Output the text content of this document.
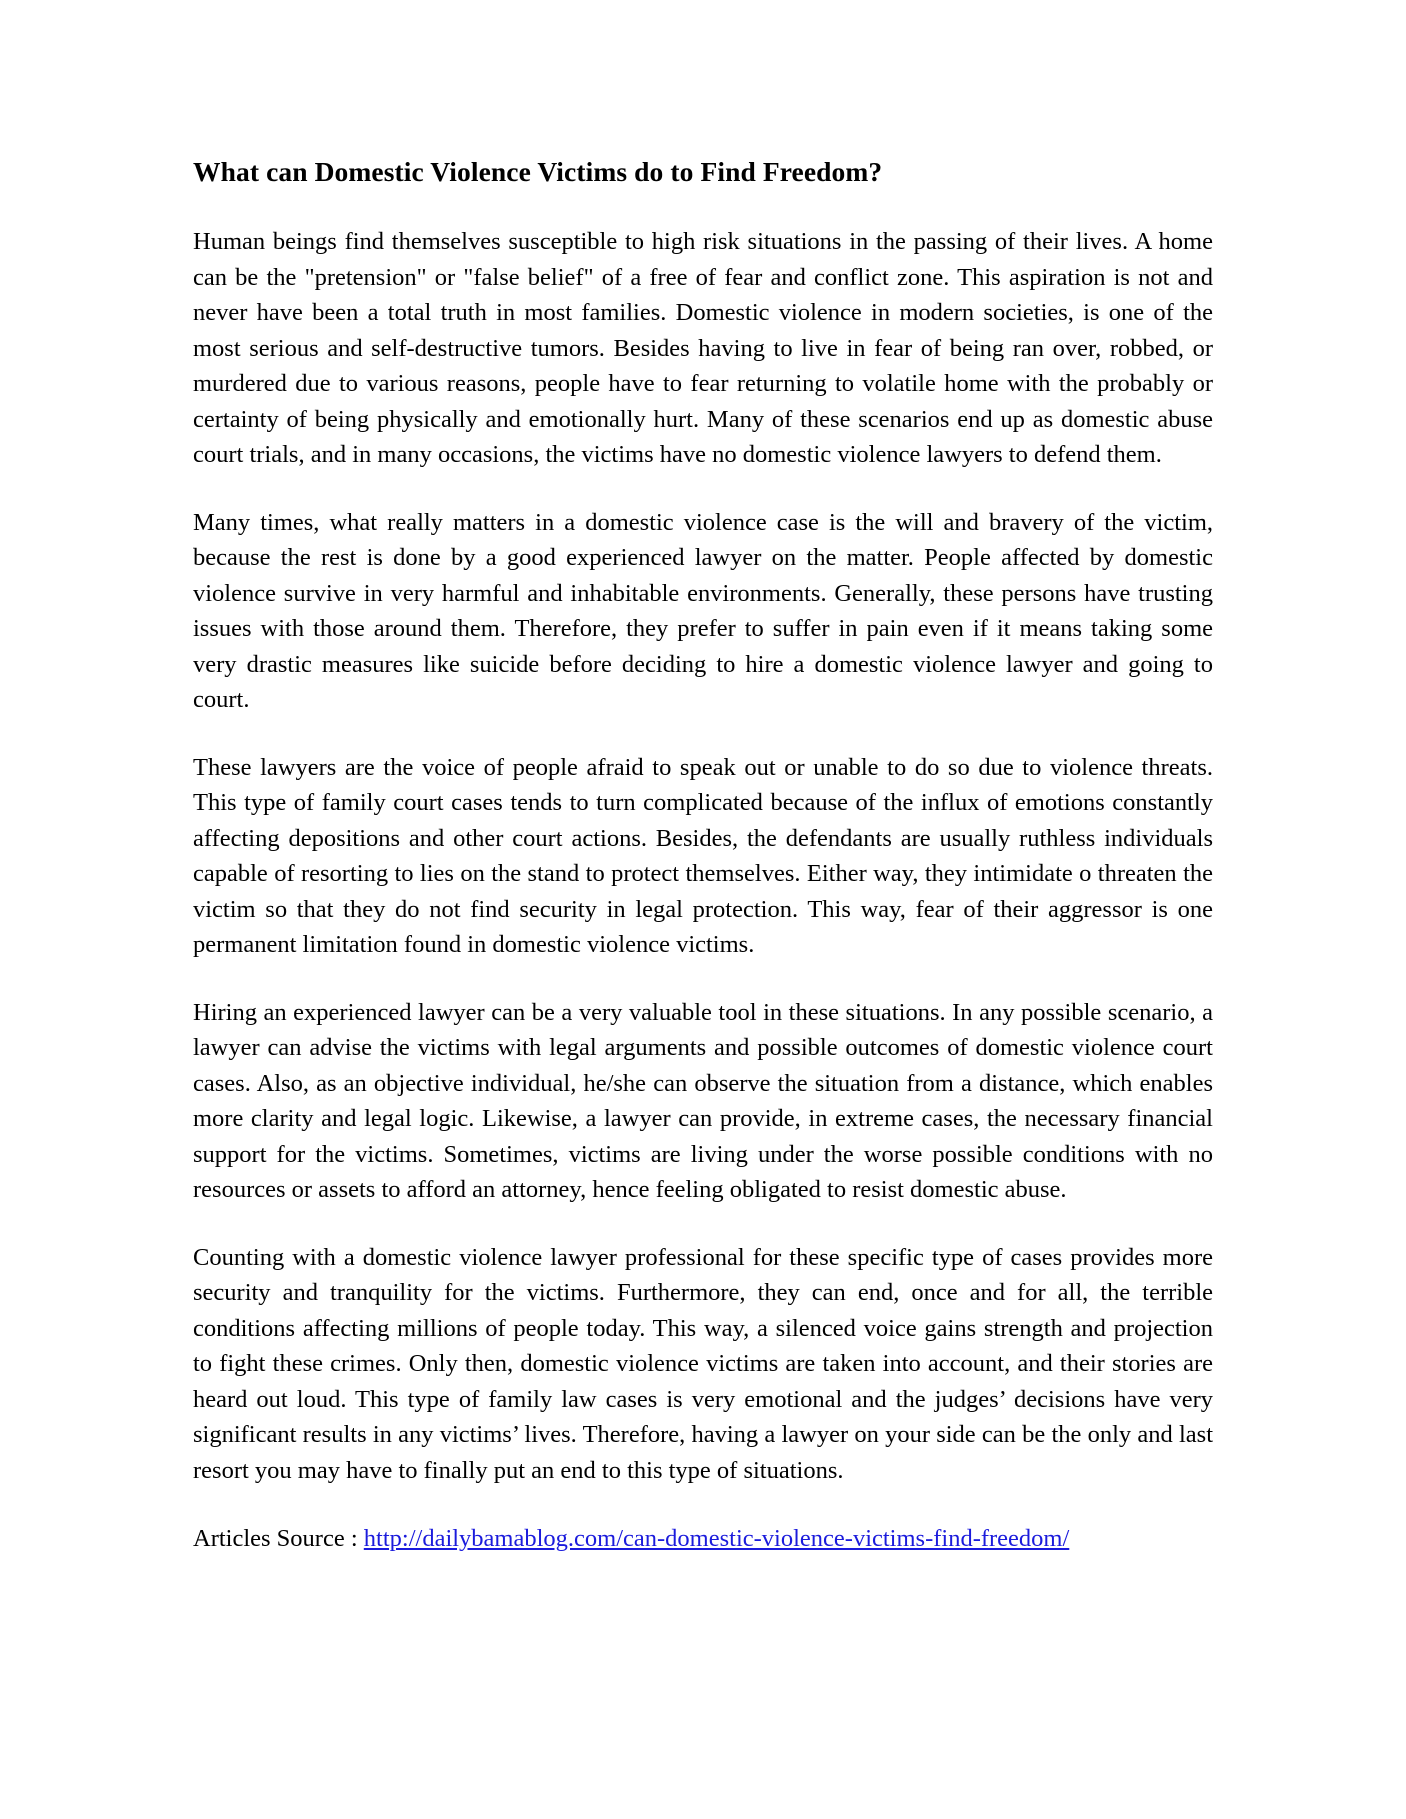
What can Domestic Violence Victims do to Find Freedom?

Human beings find themselves susceptible to high risk situations in the passing of their lives. A home can be the "pretension" or "false belief" of a free of fear and conflict zone. This aspiration is not and never have been a total truth in most families. Domestic violence in modern societies, is one of the most serious and self-destructive tumors. Besides having to live in fear of being ran over, robbed, or murdered due to various reasons, people have to fear returning to volatile home with the probably or certainty of being physically and emotionally hurt. Many of these scenarios end up as domestic abuse court trials, and in many occasions, the victims have no domestic violence lawyers to defend them.

Many times, what really matters in a domestic violence case is the will and bravery of the victim, because the rest is done by a good experienced lawyer on the matter. People affected by domestic violence survive in very harmful and inhabitable environments. Generally, these persons have trusting issues with those around them. Therefore, they prefer to suffer in pain even if it means taking some very drastic measures like suicide before deciding to hire a domestic violence lawyer and going to court.

These lawyers are the voice of people afraid to speak out or unable to do so due to violence threats. This type of family court cases tends to turn complicated because of the influx of emotions constantly affecting depositions and other court actions. Besides, the defendants are usually ruthless individuals capable of resorting to lies on the stand to protect themselves. Either way, they intimidate o threaten the victim so that they do not find security in legal protection. This way, fear of their aggressor is one permanent limitation found in domestic violence victims.

Hiring an experienced lawyer can be a very valuable tool in these situations. In any possible scenario, a lawyer can advise the victims with legal arguments and possible outcomes of domestic violence court cases. Also, as an objective individual, he/she can observe the situation from a distance, which enables more clarity and legal logic. Likewise, a lawyer can provide, in extreme cases, the necessary financial support for the victims. Sometimes, victims are living under the worse possible conditions with no resources or assets to afford an attorney, hence feeling obligated to resist domestic abuse.

Counting with a domestic violence lawyer professional for these specific type of cases provides more security and tranquility for the victims. Furthermore, they can end, once and for all, the terrible conditions affecting millions of people today. This way, a silenced voice gains strength and projection to fight these crimes. Only then, domestic violence victims are taken into account, and their stories are heard out loud. This type of family law cases is very emotional and the judges’ decisions have very significant results in any victims’ lives. Therefore, having a lawyer on your side can be the only and last resort you may have to finally put an end to this type of situations.

Articles Source : http://dailybamablog.com/can-domestic-violence-victims-find-freedom/
